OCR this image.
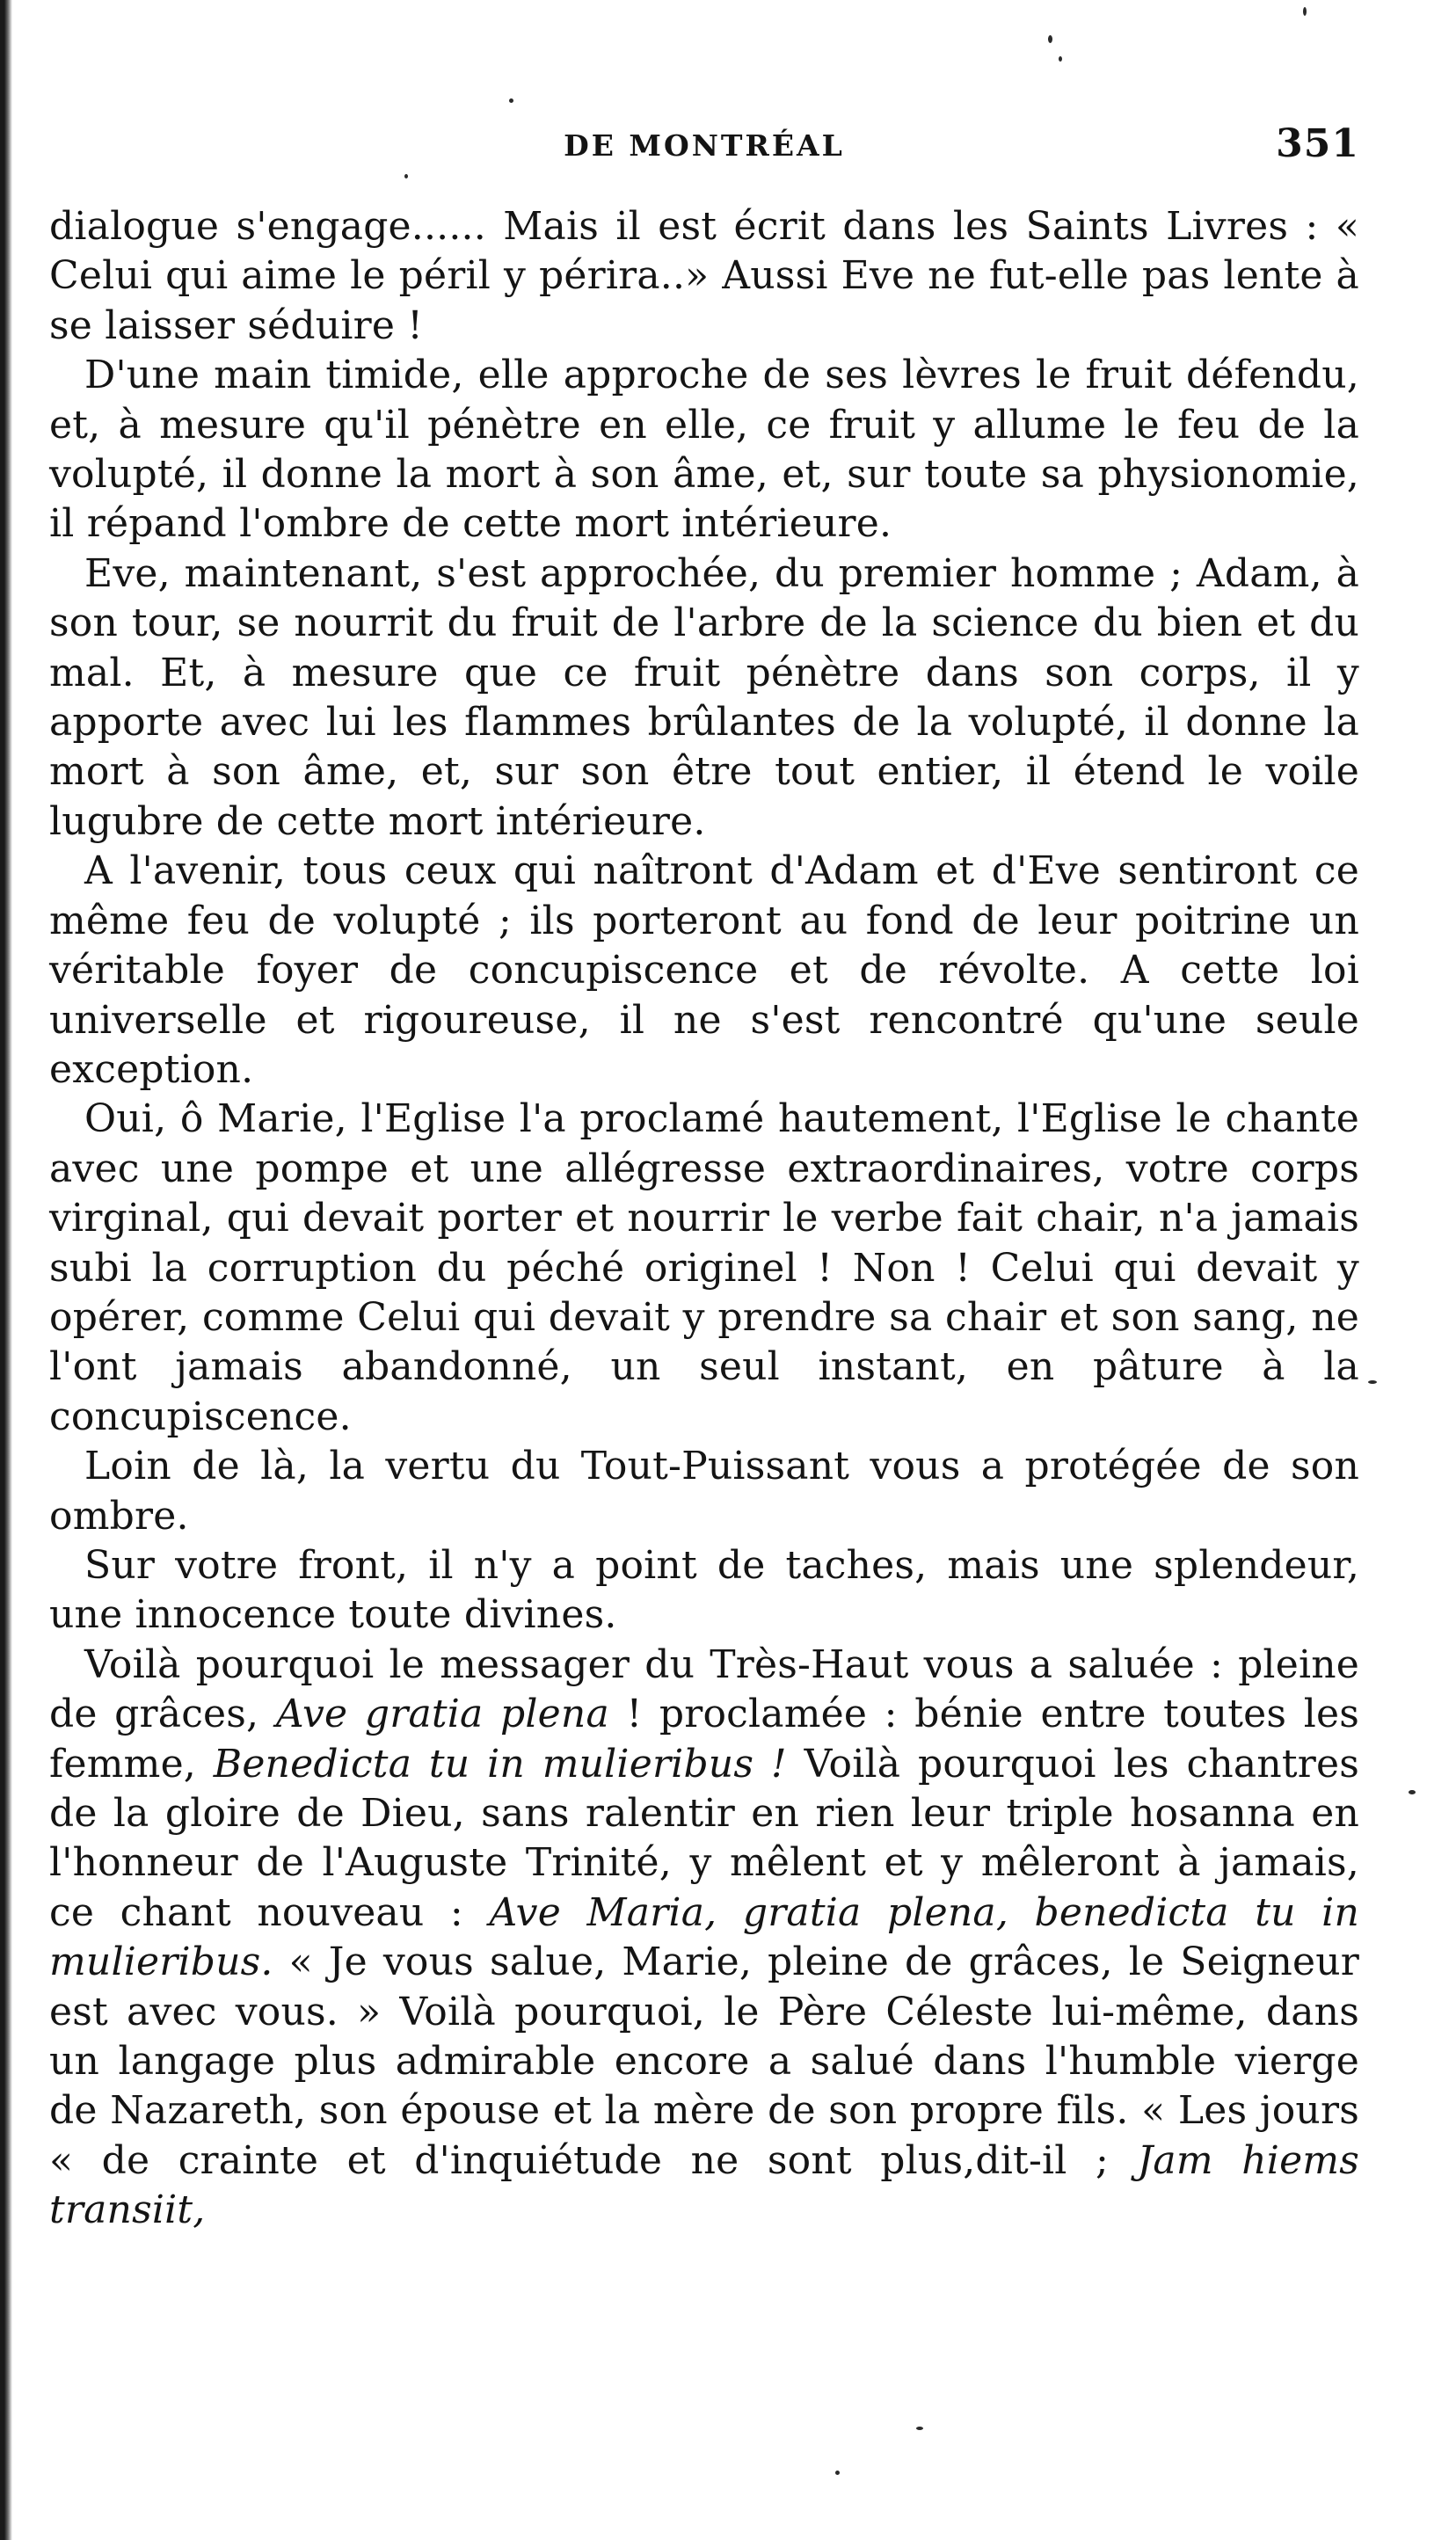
DE MONTRÉAL	351

dialogue s'engage...... Mais il est écrit dans les Saints Livres : « Celui qui aime le péril y périra..» Aussi Eve ne fut-elle pas lente à se laisser séduire !

D'une main timide, elle approche de ses lèvres le fruit défendu, et, à mesure qu'il pénètre en elle, ce fruit y allume le feu de la volupté, il donne la mort à son âme, et, sur toute sa physionomie, il répand l'ombre de cette mort intérieure.

Eve, maintenant, s'est approchée, du premier homme ; Adam, à son tour, se nourrit du fruit de l'arbre de la science du bien et du mal. Et, à mesure que ce fruit pénètre dans son corps, il y apporte avec lui les flammes brûlantes de la volupté, il donne la mort à son âme, et, sur son être tout entier, il étend le voile lugubre de cette mort intérieure.

A l'avenir, tous ceux qui naîtront d'Adam et d'Eve sentiront ce même feu de volupté ; ils porteront au fond de leur poitrine un véritable foyer de concupiscence et de révolte. A cette loi universelle et rigoureuse, il ne s'est rencontré qu'une seule exception.

Oui, ô Marie, l'Eglise l'a proclamé hautement, l'Eglise le chante avec une pompe et une allégresse extraordinaires, votre corps virginal, qui devait porter et nourrir le verbe fait chair, n'a jamais subi la corruption du péché originel ! Non ! Celui qui devait y opérer, comme Celui qui devait y prendre sa chair et son sang, ne l'ont jamais abandonné, un seul instant, en pâture à la concupiscence.

Loin de là, la vertu du Tout-Puissant vous a protégée de son ombre.

Sur votre front, il n'y a point de taches, mais une splendeur, une innocence toute divines.

Voilà pourquoi le messager du Très-Haut vous a saluée : pleine de grâces, Ave gratia plena ! proclamée : bénie entre toutes les femme, Benedicta tu in mulieribus ! Voilà pourquoi les chantres de la gloire de Dieu, sans ralentir en rien leur triple hosanna en l'honneur de l'Auguste Trinité, y mêlent et y mêleront à jamais, ce chant nouveau : Ave Maria, gratia plena, benedicta tu in mulieribus. « Je vous salue, Marie, pleine de grâces, le Seigneur est avec vous. » Voilà pourquoi, le Père Céleste lui-même, dans un langage plus admirable encore a salué dans l'humble vierge de Nazareth, son épouse et la mère de son propre fils. « Les jours « de crainte et d'inquiétude ne sont plus,dit-il ; Jam hiems transiit,
